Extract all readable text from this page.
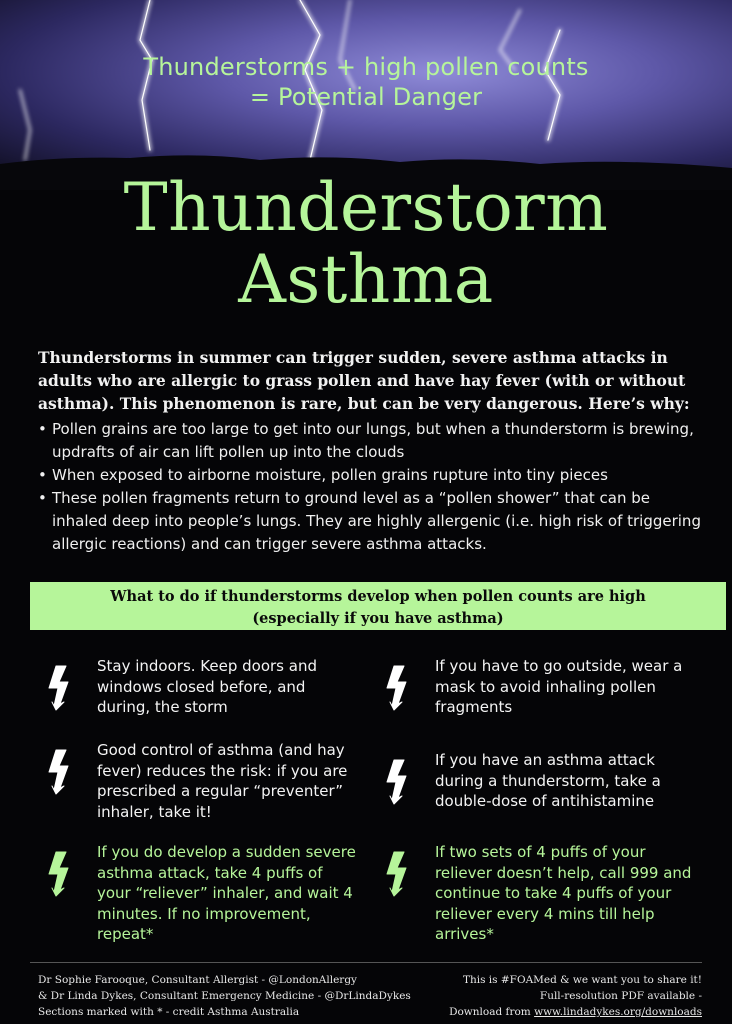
Thunderstorms + high pollen counts
= Potential Danger
Thunderstorm
Asthma
Thunderstorms in summer can trigger sudden, severe asthma attacks in adults who are allergic to grass pollen and have hay fever (with or without asthma). This phenomenon is rare, but can be very dangerous. Here’s why:
• Pollen grains are too large to get into our lungs, but when a thunderstorm is brewing, updrafts of air can lift pollen up into the clouds
• When exposed to airborne moisture, pollen grains rupture into tiny pieces
• These pollen fragments return to ground level as a “pollen shower” that can be inhaled deep into people’s lungs. They are highly allergenic (i.e. high risk of triggering allergic reactions) and can trigger severe asthma attacks.
What to do if thunderstorms develop when pollen counts are high
(especially if you have asthma)
Stay indoors. Keep doors and windows closed before, and during, the storm
Good control of asthma (and hay fever) reduces the risk: if you are prescribed a regular “preventer” inhaler, take it!
If you do develop a sudden severe asthma attack, take 4 puffs of your “reliever” inhaler, and wait 4 minutes. If no improvement, repeat*
If you have to go outside, wear a mask to avoid inhaling pollen fragments
If you have an asthma attack during a thunderstorm, take a double-dose of antihistamine
If two sets of 4 puffs of your reliever doesn’t help, call 999 and continue to take 4 puffs of your reliever every 4 mins till help arrives*
Dr Sophie Farooque, Consultant Allergist - @LondonAllergy
& Dr Linda Dykes, Consultant Emergency Medicine - @DrLindaDykes
Sections marked with * - credit Asthma Australia
This is #FOAMed & we want you to share it!
Full-resolution PDF available -
Download from www.lindadykes.org/downloads
